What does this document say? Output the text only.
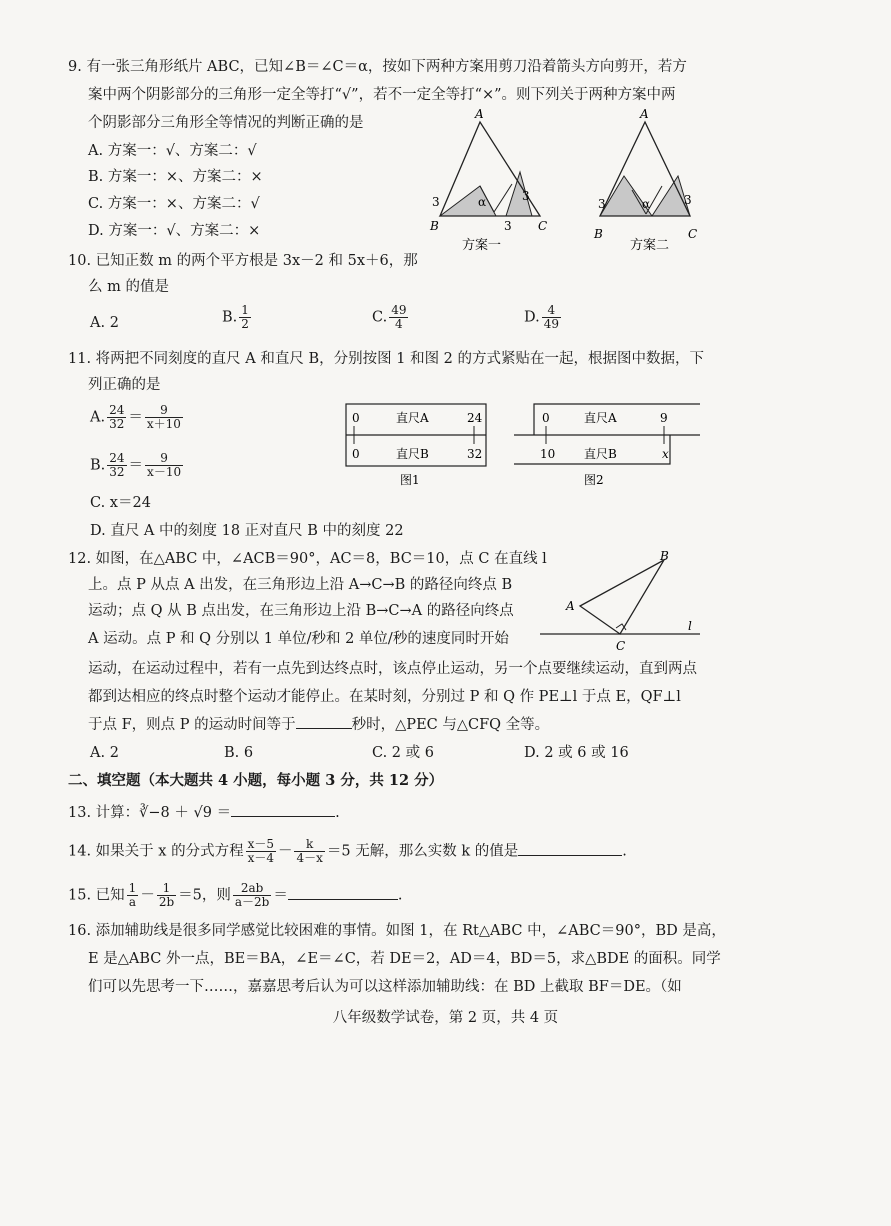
9. 有一张三角形纸片 ABC，已知∠B＝∠C＝α，按如下两种方案用剪刀沿着箭头方向剪开，若方
案中两个阴影部分的三角形一定全等打“√”，若不一定全等打“×”。则下列关于两种方案中两
个阴影部分三角形全等情况的判断正确的是
A. 方案一：√、方案二：√
B. 方案一：×、方案二：×
C. 方案一：×、方案二：√
D. 方案一：√、方案二：×
A
B	C
3
3
3
α
方案一
A
B	C
3	3
α
方案二
10. 已知正数 m 的两个平方根是 3x－2 和 5x＋6，那
么 m 的值是
A. 2	B. $\frac{1}{2}$	C. $\frac{49}{4}$	D. $\frac{4}{49}$
11. 将两把不同刻度的直尺 A 和直尺 B，分别按图 1 和图 2 的方式紧贴在一起，根据图中数据，下
列正确的是
A. $\frac{24}{32} = \frac{9}{x+10}$
B. $\frac{24}{32} = \frac{9}{x-10}$
C. x＝24
D. 直尺 A 中的刻度 18 正对直尺 B 中的刻度 22
0	直尺A	24
0	直尺B	32
图1
0	直尺A	9
10 直尺B	x
图2
12. 如图，在△ABC 中，∠ACB＝90°，AC＝8，BC＝10，点 C 在直线 l
上。点 P 从点 A 出发，在三角形边上沿 A→C→B 的路径向终点 B
运动；点 Q 从 B 点出发，在三角形边上沿 B→C→A 的路径向终点
A 运动。点 P 和 Q 分别以 1 单位/秒和 2 单位/秒的速度同时开始
运动，在运动过程中，若有一点先到达终点时，该点停止运动，另一个点要继续运动，直到两点
都到达相应的终点时整个运动才能停止。在某时刻，分别过 P 和 Q 作 PE⊥l 于点 E，QF⊥l
于点 F，则点 P 的运动时间等于	秒时，△PEC 与△CFQ 全等。
A. 2	B. 6	C. 2 或 6	D. 2 或 6 或 16
A
B
C
l
二、填空题（本大题共 4 小题，每小题 3 分，共 12 分）
13. 计算：∛−8 ＋ √9 ＝	.
14. 如果关于 x 的分式方程 $\frac{x-5}{x-4} - \frac{k}{4-x} =5$ 无解，那么实数 k 的值是	.
15. 已知 $\frac{1}{a} - \frac{1}{2b} =5$，则 $\frac{2ab}{a-2b}$ ＝	.
16. 添加辅助线是很多同学感觉比较困难的事情。如图 1，在 Rt△ABC 中，∠ABC＝90°，BD 是高，
E 是△ABC 外一点，BE＝BA，∠E＝∠C，若 DE＝2，AD＝4，BD＝5，求△BDE 的面积。同学
们可以先思考一下……，嘉嘉思考后认为可以这样添加辅助线：在 BD 上截取 BF＝DE。（如
八年级数学试卷，第 2 页，共 4 页
